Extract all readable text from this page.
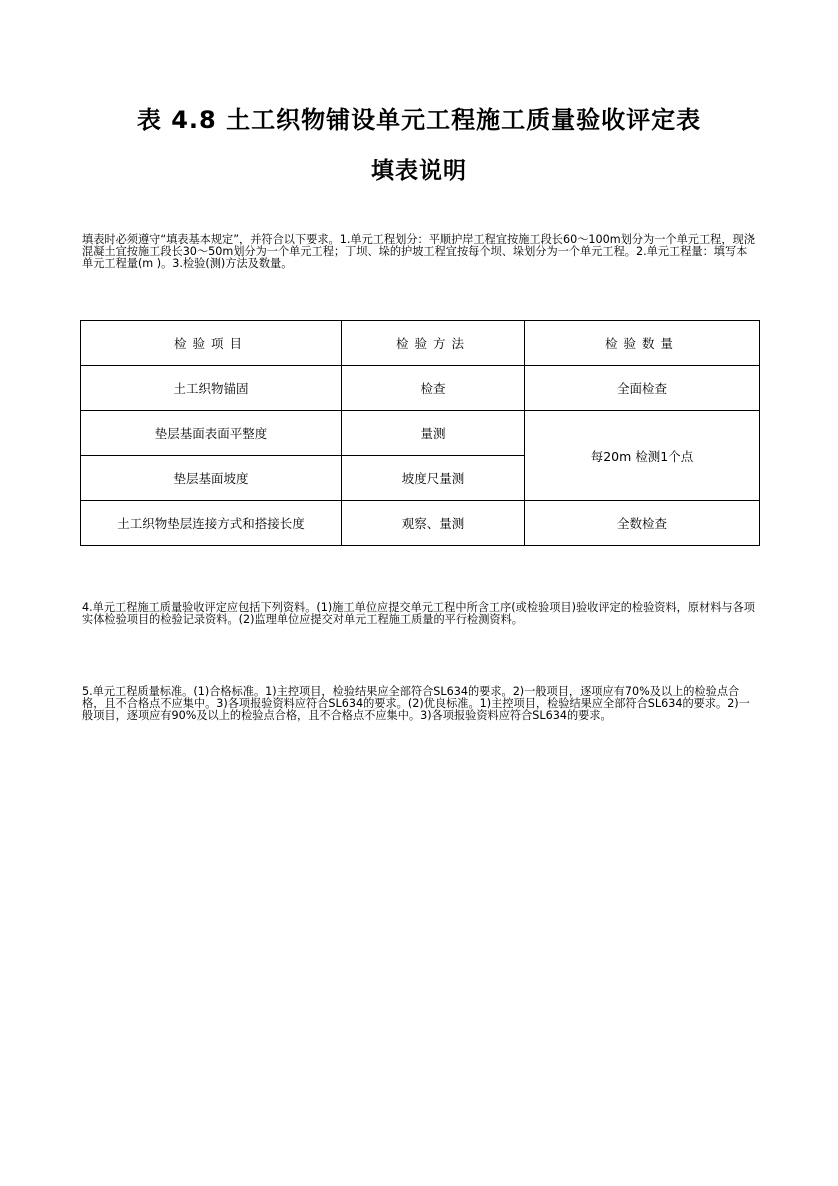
表 4.8 土工织物铺设单元工程施工质量验收评定表
填表说明
填表时必须遵守“填表基本规定”，并符合以下要求。1.单元工程划分：平顺护岸工程宜按施工段长60～100m划分为一个单元工程，现浇混凝土宜按施工段长30～50m划分为一个单元工程；丁坝、垛的护坡工程宜按每个坝、垛划分为一个单元工程。2.单元工程量：填写本单元工程量(m )。3.检验(测)方法及数量。
检验项目	检验方法	检验数量
土工织物锚固	检查	全面检查
垫层基面表面平整度	量测	每20m 检测1个点
垫层基面坡度	坡度尺量测	
土工织物垫层连接方式和搭接长度	观察、量测	全数检查
4.单元工程施工质量验收评定应包括下列资料。(1)施工单位应提交单元工程中所含工序(或检验项目)验收评定的检验资料，原材料与各项实体检验项目的检验记录资料。(2)监理单位应提交对单元工程施工质量的平行检测资料。
5.单元工程质量标准。(1)合格标准。1)主控项目，检验结果应全部符合SL634的要求。2)一般项目，逐项应有70%及以上的检验点合格，且不合格点不应集中。3)各项报验资料应符合SL634的要求。(2)优良标准。1)主控项目，检验结果应全部符合SL634的要求。2)一般项目，逐项应有90%及以上的检验点合格，且不合格点不应集中。3)各项报验资料应符合SL634的要求。
